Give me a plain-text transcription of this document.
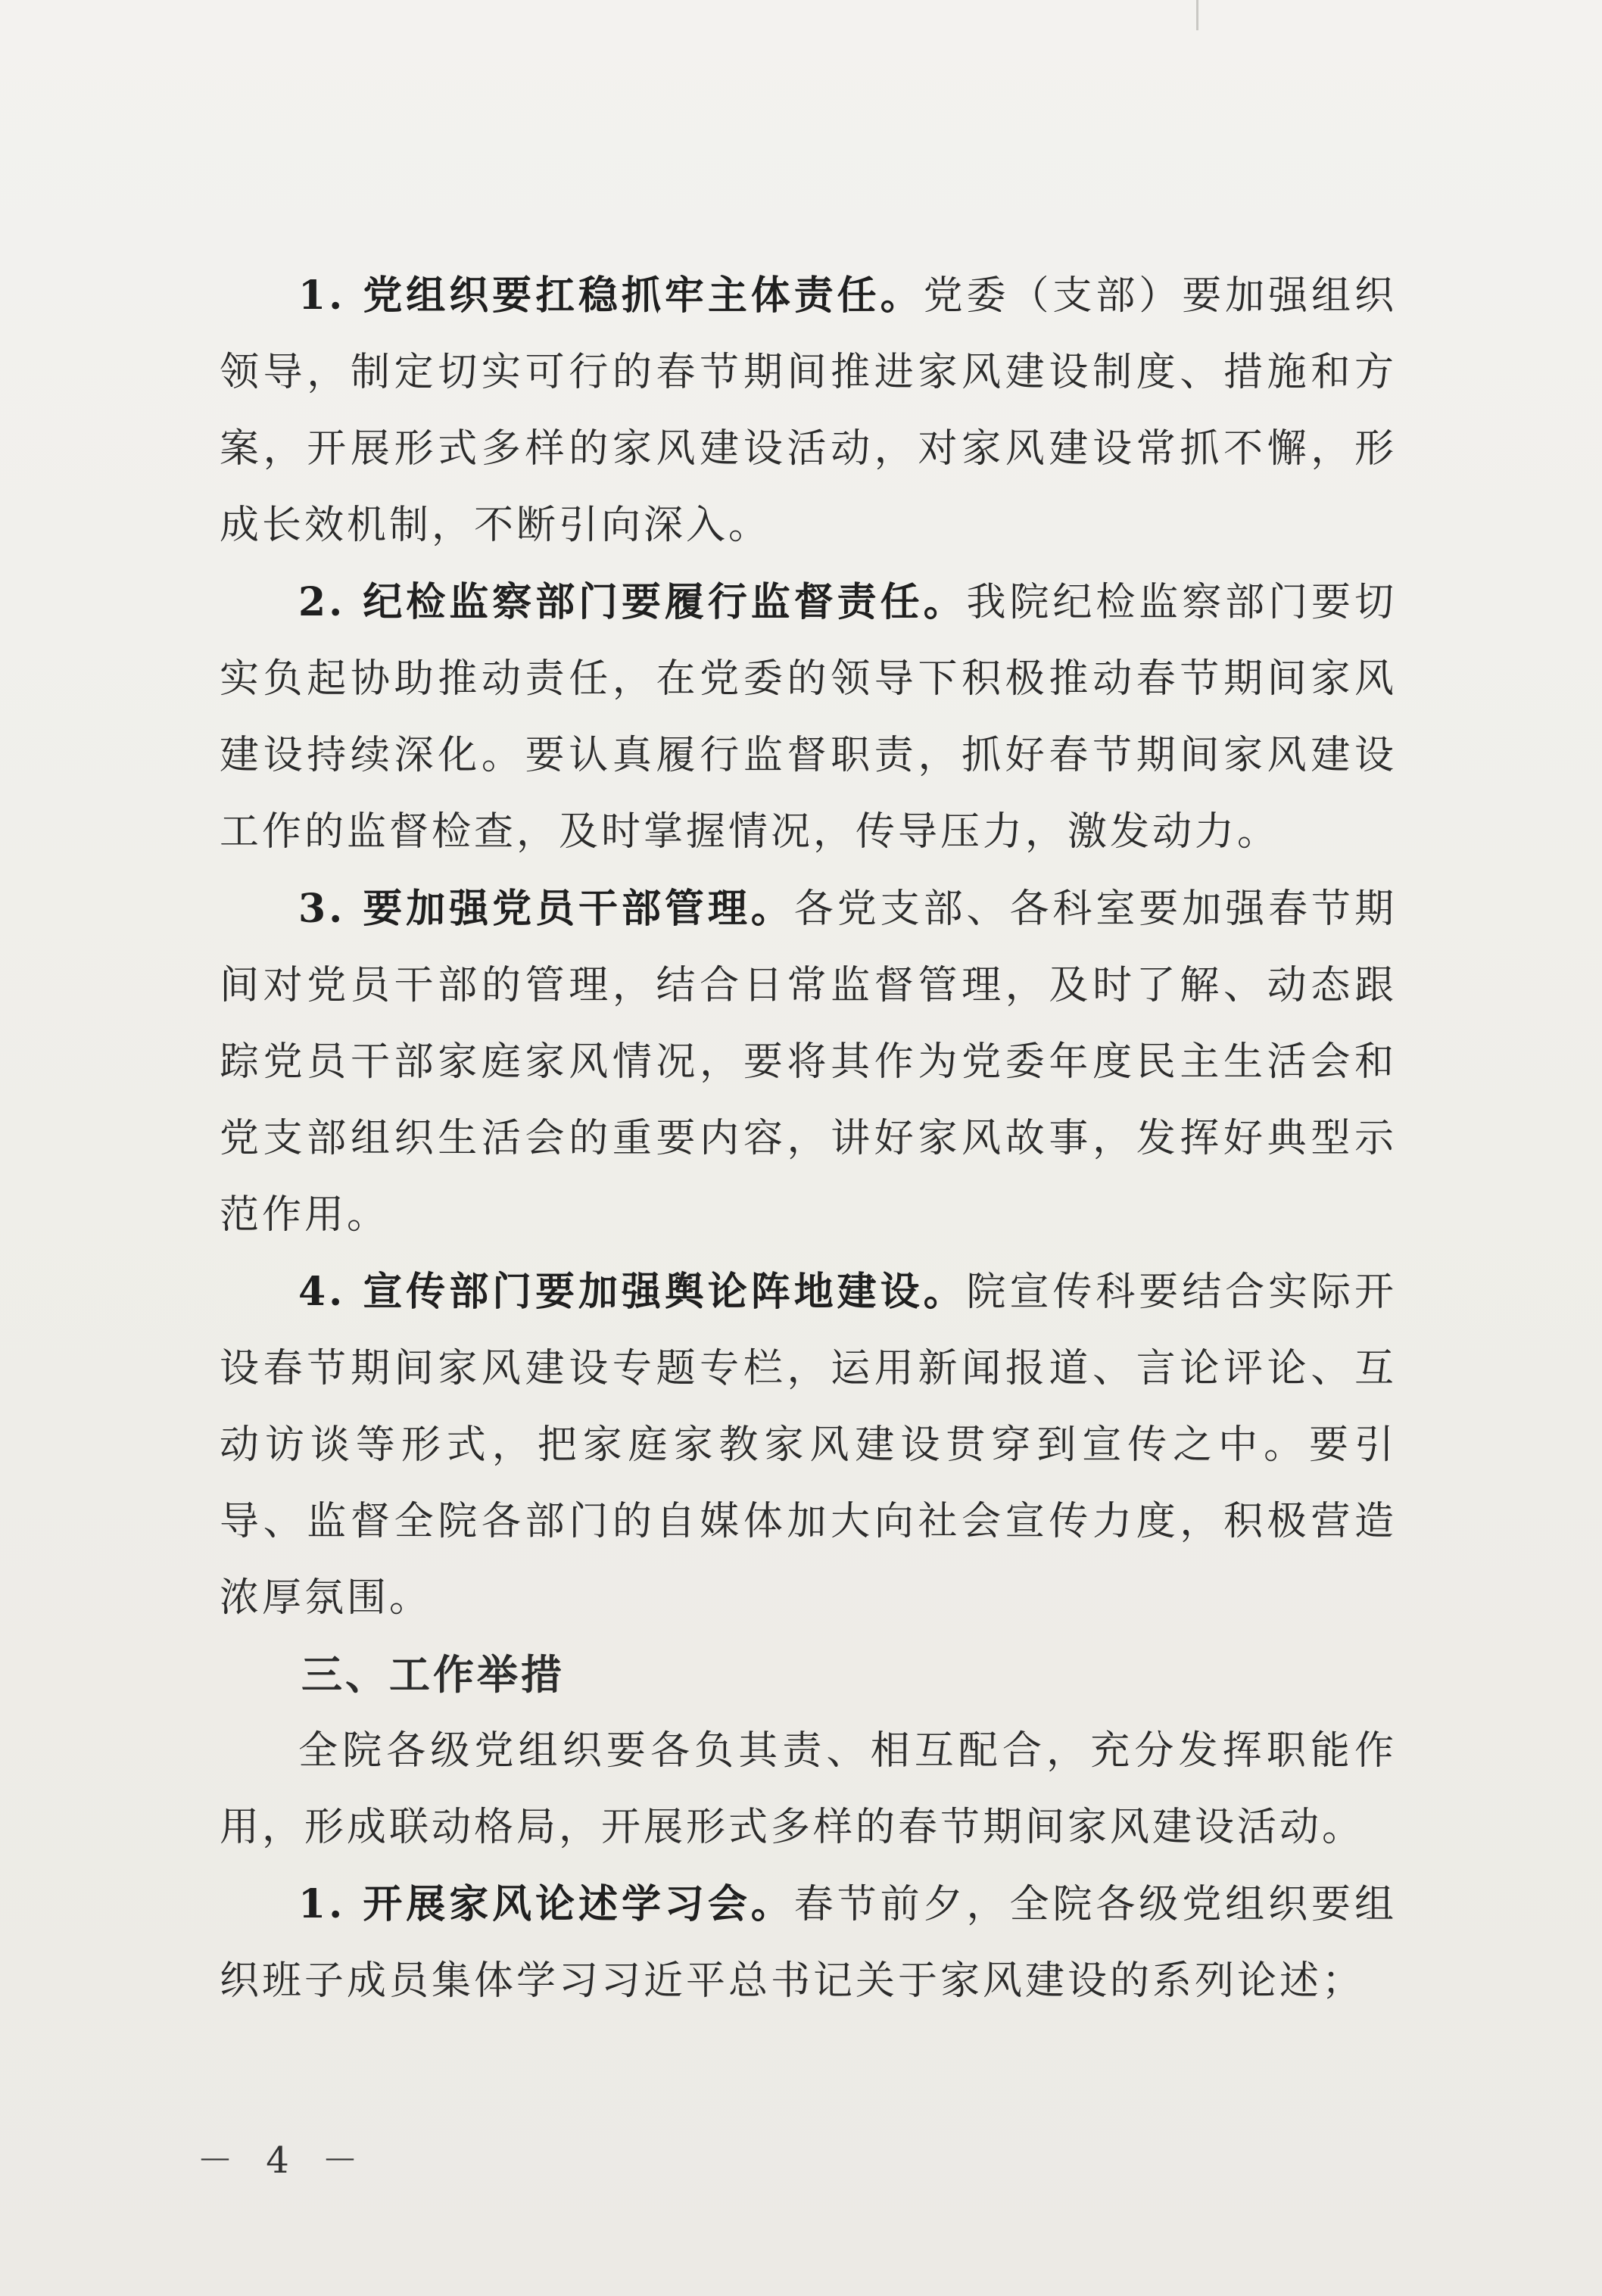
1. 党组织要扛稳抓牢主体责任。党委（支部）要加强组织领导，制定切实可行的春节期间推进家风建设制度、措施和方案，开展形式多样的家风建设活动，对家风建设常抓不懈，形成长效机制，不断引向深入。

2. 纪检监察部门要履行监督责任。我院纪检监察部门要切实负起协助推动责任，在党委的领导下积极推动春节期间家风建设持续深化。要认真履行监督职责，抓好春节期间家风建设工作的监督检查，及时掌握情况，传导压力，激发动力。

3. 要加强党员干部管理。各党支部、各科室要加强春节期间对党员干部的管理，结合日常监督管理，及时了解、动态跟踪党员干部家庭家风情况，要将其作为党委年度民主生活会和党支部组织生活会的重要内容，讲好家风故事，发挥好典型示范作用。

4. 宣传部门要加强舆论阵地建设。院宣传科要结合实际开设春节期间家风建设专题专栏，运用新闻报道、言论评论、互动访谈等形式，把家庭家教家风建设贯穿到宣传之中。要引导、监督全院各部门的自媒体加大向社会宣传力度，积极营造浓厚氛围。

三、工作举措

全院各级党组织要各负其责、相互配合，充分发挥职能作用，形成联动格局，开展形式多样的春节期间家风建设活动。

1. 开展家风论述学习会。春节前夕，全院各级党组织要组织班子成员集体学习习近平总书记关于家风建设的系列论述；

－ 4 －
